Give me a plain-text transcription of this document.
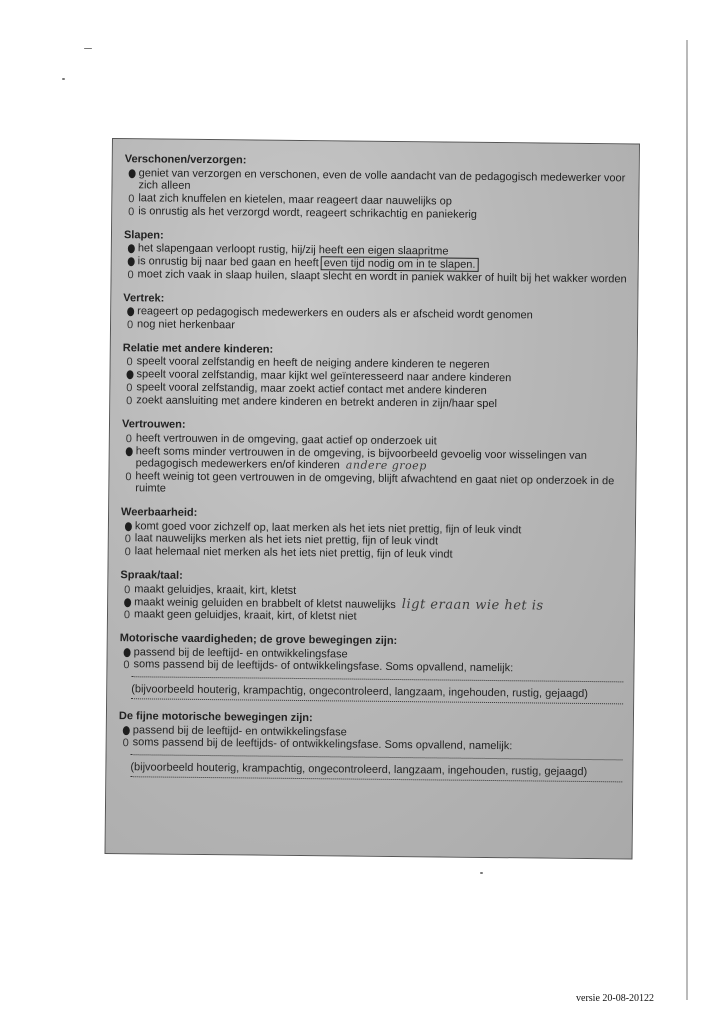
Verschonen/verzorgen:
geniet van verzorgen en verschonen, even de volle aandacht van de pedagogisch medewerker voor zich alleen
0 laat zich knuffelen en kietelen, maar reageert daar nauwelijks op
0 is onrustig als het verzorgd wordt, reageert schrikachtig en paniekerig
Slapen:
het slapengaan verloopt rustig, hij/zij heeft een eigen slaapritme
is onrustig bij naar bed gaan en heeft even tijd nodig om in te slapen.
0 moet zich vaak in slaap huilen, slaapt slecht en wordt in paniek wakker of huilt bij het wakker worden
Vertrek:
reageert op pedagogisch medewerkers en ouders als er afscheid wordt genomen
0 nog niet herkenbaar
Relatie met andere kinderen:
0 speelt vooral zelfstandig en heeft de neiging andere kinderen te negeren
speelt vooral zelfstandig, maar kijkt wel geïnteresseerd naar andere kinderen
0 speelt vooral zelfstandig, maar zoekt actief contact met andere kinderen
0 zoekt aansluiting met andere kinderen en betrekt anderen in zijn/haar spel
Vertrouwen:
0 heeft vertrouwen in de omgeving, gaat actief op onderzoek uit
heeft soms minder vertrouwen in de omgeving, is bijvoorbeeld gevoelig voor wisselingen van pedagogisch medewerkers en/of kinderen andere groep
0 heeft weinig tot geen vertrouwen in de omgeving, blijft afwachtend en gaat niet op onderzoek in de ruimte
Weerbaarheid:
komt goed voor zichzelf op, laat merken als het iets niet prettig, fijn of leuk vindt
0 laat nauwelijks merken als het iets niet prettig, fijn of leuk vindt
0 laat helemaal niet merken als het iets niet prettig, fijn of leuk vindt
Spraak/taal:
0 maakt geluidjes, kraait, kirt, kletst
maakt weinig geluiden en brabbelt of kletst nauwelijks ligt eraan wie het is
0 maakt geen geluidjes, kraait, kirt, of kletst niet
Motorische vaardigheden; de grove bewegingen zijn:
passend bij de leeftijd- en ontwikkelingsfase
0 soms passend bij de leeftijds- of ontwikkelingsfase. Soms opvallend, namelijk:
(bijvoorbeeld houterig, krampachtig, ongecontroleerd, langzaam, ingehouden, rustig, gejaagd)
De fijne motorische bewegingen zijn:
passend bij de leeftijd- en ontwikkelingsfase
0 soms passend bij de leeftijds- of ontwikkelingsfase. Soms opvallend, namelijk:
(bijvoorbeeld houterig, krampachtig, ongecontroleerd, langzaam, ingehouden, rustig, gejaagd)
versie 20-08-20122
